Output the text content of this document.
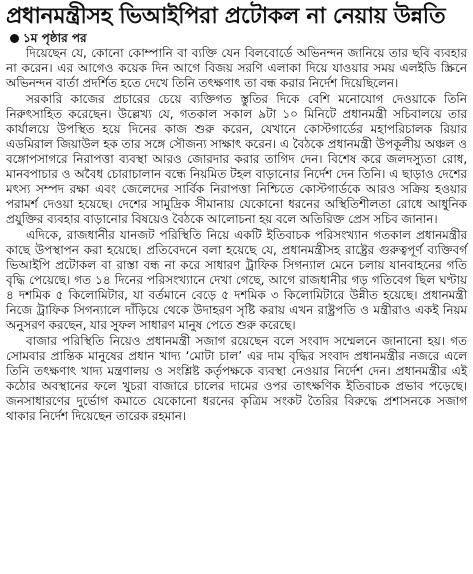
প্রধানমন্ত্রীসহ ভিআইপিরা প্রটোকল না নেয়ায় উন্নতি
১ম পৃষ্ঠার পর

দিয়েছেন যে, কোনো কোম্পানি বা ব্যক্তি যেন বিলবোর্ডে অভিনন্দন জানিয়ে তার ছবি ব্যবহার না করেন। এর আগেও কয়েক দিন আগে বিজয় সরণি এলাকা দিয়ে যাওয়ার সময় এলইডি স্ক্রিনে অভিনন্দন বার্তা প্রদর্শিত হতে দেখে তিনি তৎক্ষণাৎ তা বন্ধ করার নির্দেশ দিয়েছিলেন।

সরকারি কাজের প্রচারের চেয়ে ব্যক্তিগত স্তুতির দিকে বেশি মনোযোগ দেওয়াকে তিনি নিরুৎসাহিত করেছেন। উল্লেখ্য যে, গতকাল সকাল ৯টা ১০ মিনিটে প্রধানমন্ত্রী সচিবালয়ে তার কার্যালয়ে উপস্থিত হয়ে দিনের কাজ শুরু করেন, যেখানে কোস্টগার্ডের মহাপরিচালক রিয়ার এডমিরাল জিয়াউল হক তার সঙ্গে সৌজন্য সাক্ষাৎ করেন। এ বৈঠকে প্রধানমন্ত্রী উপকূলীয় অঞ্চল ও বঙ্গোপসাগরে নিরাপত্তা ব্যবস্থা আরও জোরদার করার তাগিদ দেন। বিশেষ করে জলদস্যুতা রোধ, মানবপাচার ও অবৈধ চোরাচালান বন্ধে নিয়মিত টহল বাড়ানোর নির্দেশ দেন তিনি। এ ছাড়াও দেশের মৎস্য সম্পদ রক্ষা এবং জেলেদের সার্বিক নিরাপত্তা নিশ্চিতে কোস্টগার্ডকে আরও সক্রিয় হওয়ার পরামর্শ দেওয়া হয়েছে। দেশের সামুদ্রিক সীমানায় যেকোনো ধরনের অস্থিতিশীলতা রোধে আধুনিক প্রযুক্তির ব্যবহার বাড়ানোর বিষয়েও বৈঠকে আলোচনা হয় বলে অতিরিক্ত প্রেস সচিব জানান।

এদিকে, রাজধানীর যানজট পরিস্থিতি নিয়ে একটি ইতিবাচক পরিসংখ্যান গতকাল প্রধানমন্ত্রীর কাছে উপস্থাপন করা হয়েছে। প্রতিবেদনে বলা হয়েছে যে, প্রধানমন্ত্রীসহ রাষ্ট্রের গুরুত্বপূর্ণ ব্যক্তিবর্গ ভিআইপি প্রটোকল বা রাস্তা বন্ধ না করে সাধারণ ট্রাফিক সিগন্যাল মেনে চলায় যানবাহনের গতি বৃদ্ধি পেয়েছে। গত ১৪ দিনের পরিসংখ্যানে দেখা গেছে, আগে রাজধানীর গড় গতিবেগ ছিল ঘণ্টায় ৪ দশমিক ৫ কিলোমিটার, যা বর্তমানে বেড়ে ৫ দশমিক ৩ কিলোমিটারে উন্নীত হয়েছে। প্রধানমন্ত্রী নিজে ট্রাফিক সিগন্যালে দাঁড়িয়ে থেকে উদাহরণ সৃষ্টি করায় এখন রাষ্ট্রপতি ও মন্ত্রীরাও একই নিয়ম অনুসরণ করছেন, যার সুফল সাধারণ মানুষ পেতে শুরু করেছে।

বাজার পরিস্থিতি নিয়েও প্রধানমন্ত্রী সজাগ রয়েছেন বলে সংবাদ সম্মেলনে জানানো হয়। গত সোমবার প্রান্তিক মানুষের প্রধান খাদ্য ‘মোটা চাল’ এর দাম বৃদ্ধির সংবাদ প্রধানমন্ত্রীর নজরে এলে তিনি তৎক্ষণাৎ খাদ্য মন্ত্রণালয় ও সংশ্লিষ্ট কর্তৃপক্ষকে ব্যবস্থা নেওয়ার নির্দেশ দেন। প্রধানমন্ত্রীর এই কঠোর অবস্থানের ফলে খুচরা বাজারে চালের দামের ওপর তাৎক্ষণিক ইতিবাচক প্রভাব পড়েছে। জনসাধারণের দুর্ভোগ কমাতে যেকোনো ধরনের কৃত্রিম সংকট তৈরির বিরুদ্ধে প্রশাসনকে সজাগ থাকার নির্দেশ দিয়েছেন তারেক রহমান।
